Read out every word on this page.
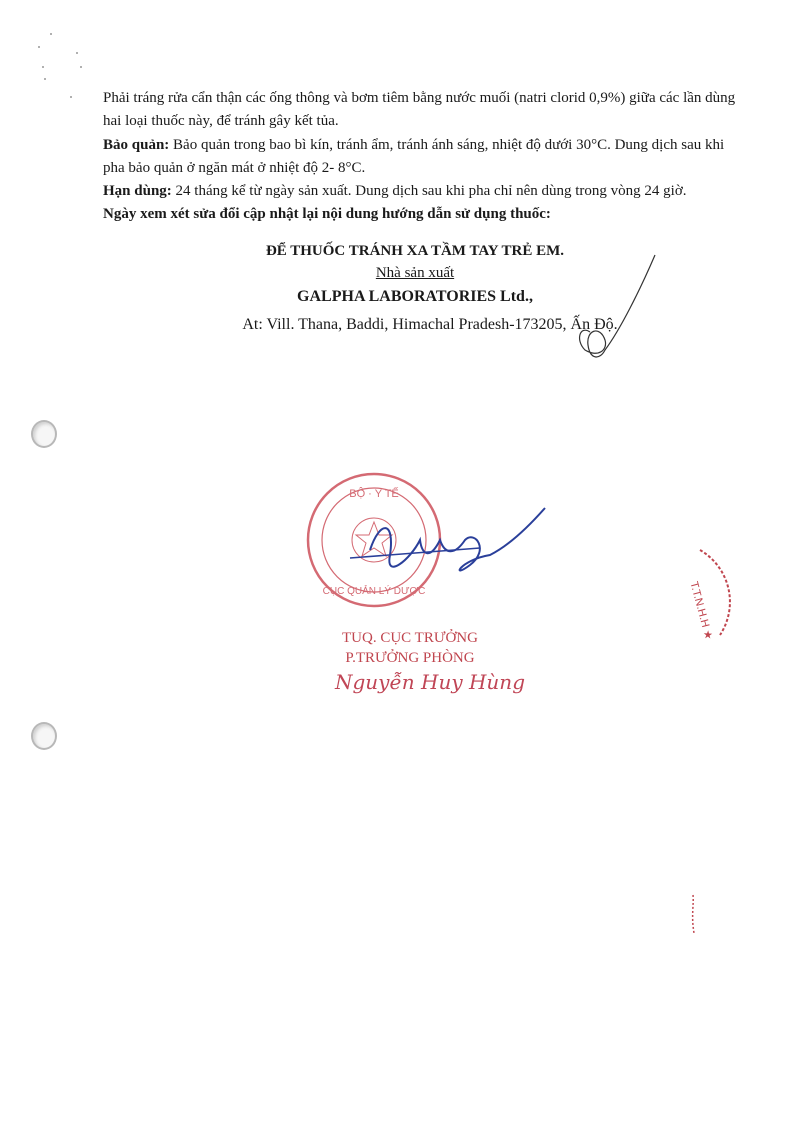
Phải tráng rửa cẩn thận các ống thông và bơm tiêm bằng nước muối (natri clorid 0,9%) giữa các lần dùng hai loại thuốc này, để tránh gây kết tủa.
Bảo quản: Bảo quản trong bao bì kín, tránh ẩm, tránh ánh sáng, nhiệt độ dưới 30°C. Dung dịch sau khi pha bảo quản ở ngăn mát ở nhiệt độ 2- 8°C.
Hạn dùng: 24 tháng kể từ ngày sản xuất. Dung dịch sau khi pha chỉ nên dùng trong vòng 24 giờ.
Ngày xem xét sửa đổi cập nhật lại nội dung hướng dẫn sử dụng thuốc:
ĐỂ THUỐC TRÁNH XA TẦM TAY TRẺ EM.
Nhà sản xuất
GALPHA LABORATORIES Ltd.,
At: Vill. Thana, Baddi, Himachal Pradesh-173205, Ấn Độ.
BỘ · Y TẾ
CỤC QUẢN LÝ DƯỢC
TUQ. CỤC TRƯỞNG
P.TRƯỞNG PHÒNG
Nguyễn Huy Hùng
T.T.N.H.H ★
